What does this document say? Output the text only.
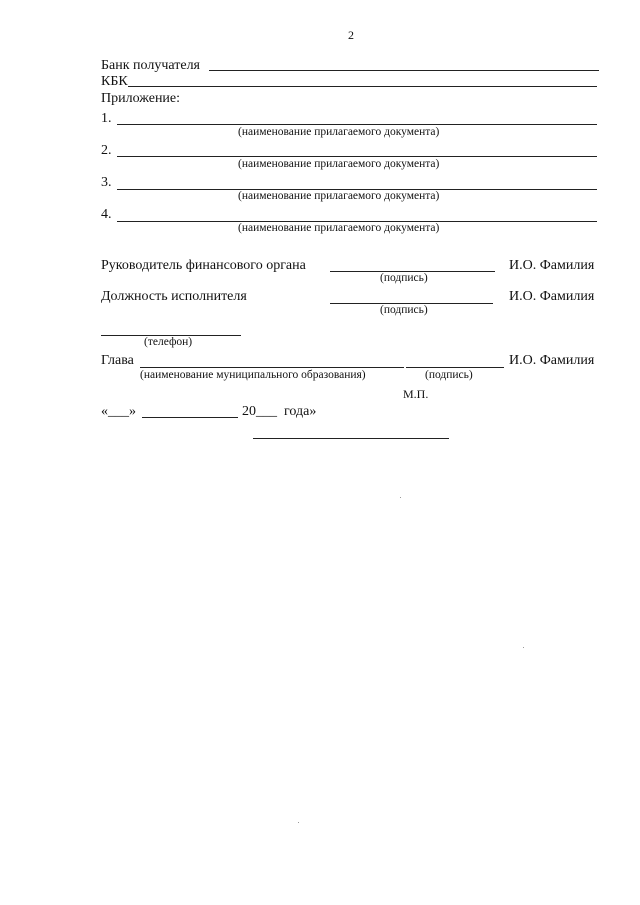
2
Банк получателя
КБК
Приложение:
1.
(наименование прилагаемого документа)
2.
(наименование прилагаемого документа)
3.
(наименование прилагаемого документа)
4.
(наименование прилагаемого документа)
Руководитель финансового органа
(подпись)
И.О. Фамилия
Должность исполнителя
(подпись)
И.О. Фамилия
(телефон)
Глава
(наименование муниципального образования)	(подпись)
И.О. Фамилия
М.П.
«___»	20___ года»
